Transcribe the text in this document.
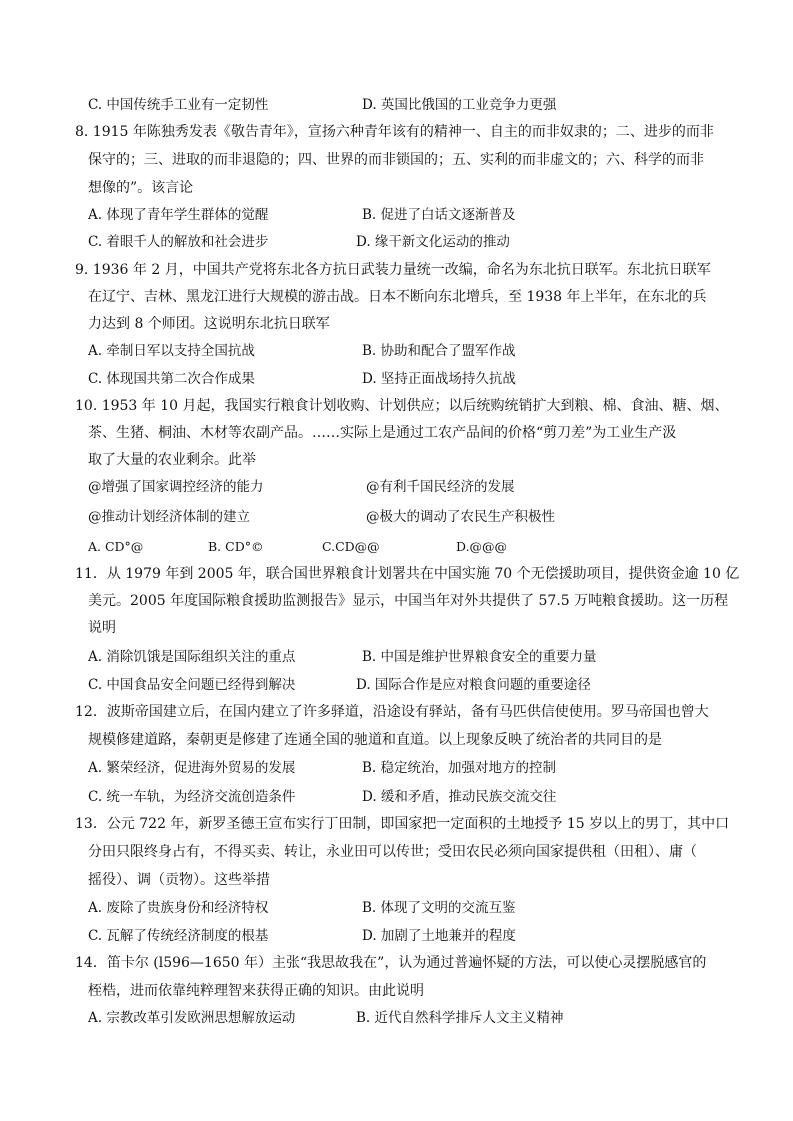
C. 中国传统手工业有一定韧性	D. 英国比俄国的工业竞争力更强
8. 1915 年陈独秀发表《敬告青年》，宣扬六种青年该有的精神一、自主的而非奴隶的；二、进步的而非
保守的；三、进取的而非退隐的；四、世界的而非锁国的；五、实利的而非虚文的；六、科学的而非
想像的”。该言论
A. 体现了青年学生群体的觉醒	B. 促进了白话文逐渐普及
C. 着眼千人的解放和社会进步	D. 缘干新文化运动的推动
9. 1936 年 2 月，中国共产党将东北各方抗日武装力量统一改编，命名为东北抗日联军。东北抗日联军
在辽宁、吉林、黑龙江进行大规模的游击战。日本不断向东北增兵，至 1938 年上半年，在东北的兵
力达到 8 个师团。这说明东北抗日联军
A. 牵制日军以支持全国抗战	B. 协助和配合了盟军作战
C. 体现国共第二次合作成果	D. 坚持正面战场持久抗战
10. 1953 年 10 月起，我国实行粮食计划收购、计划供应；以后统购统销扩大到粮、棉、食油、糖、烟、
茶、生猪、桐油、木材等农副产品。……实际上是通过工农产品间的价格“剪刀差”为工业生产汲
取了大量的农业剩余。此举
@增强了国家调控经济的能力	@有利千国民经济的发展
@推动计划经济体制的建立	@极大的调动了农民生产积极性
A. CD°@	B. CD°©	C.CD@@	D.@@@
11．从 1979 年到 2005 年，联合国世界粮食计划署共在中国实施 70 个无偿援助项目，提供资金逾 10 亿
美元。2005 年度国际粮食援助监测报告》显示，中国当年对外共提供了 57.5 万吨粮食援助。这一历程
说明
A. 消除饥饿是国际组织关注的重点	B. 中国是维护世界粮食安全的重要力量
C. 中国食品安全问题已经得到解决	D. 国际合作是应对粮食问题的重要途径
12．波斯帝国建立后，在国内建立了许多驿道，沿途设有驿站，备有马匹供信使使用。罗马帝国也曾大
规模修建道路，秦朝更是修建了连通全国的驰道和直道。以上现象反映了统治者的共同目的是
A. 繁荣经济，促进海外贸易的发展	B. 稳定统治，加强对地方的控制
C. 统一车轨，为经济交流创造条件	D. 缓和矛盾，推动民族交流交往
13．公元 722 年，新罗圣德王宣布实行丁田制，即国家把一定面积的土地授予 15 岁以上的男丁，其中口
分田只限终身占有，不得买卖、转让，永业田可以传世；受田农民必须向国家提供租（田租）、庸（
摇役）、调（贡物）。这些举措
A. 废除了贵族身份和经济特权	B. 体现了文明的交流互鉴
C. 瓦解了传统经济制度的根基	D. 加剧了土地兼并的程度
14．笛卡尔 (l596—1650 年）主张“我思故我在”，认为通过普遍怀疑的方法，可以使心灵摆脱感官的
桎梏，进而依靠纯粹理智来获得正确的知识。由此说明
A. 宗教改革引发欧洲思想解放运动	B. 近代自然科学排斥人文主义精神
